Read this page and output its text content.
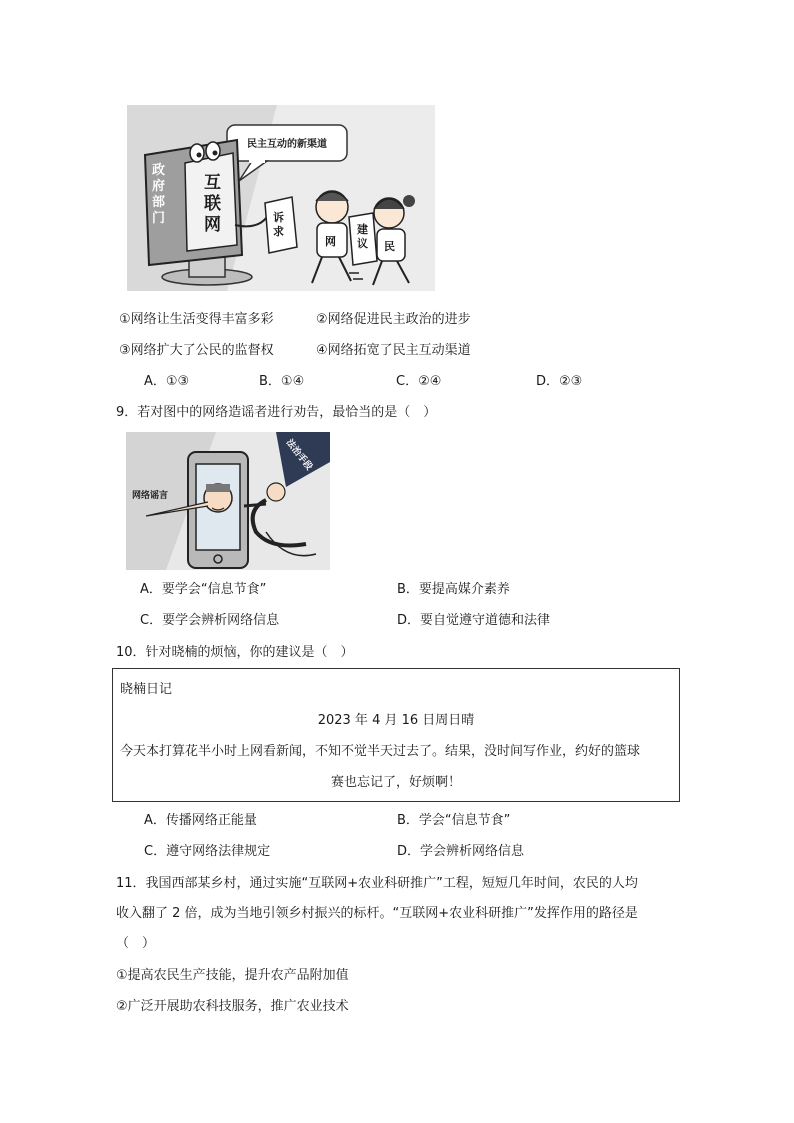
民主互动的新渠道
政府部门
互联网	诉求	建议
网	民
①网络让生活变得丰富多彩	②网络促进民主政治的进步
③网络扩大了公民的监督权	④网络拓宽了民主互动渠道
A．①③	B．①④	C．②④	D．②③
9．若对图中的网络造谣者进行劝告，最恰当的是（　）
网络谣言
法治手段
A．要学会“信息节食”	B．要提高媒介素养
C．要学会辨析网络信息	D．要自觉遵守道德和法律
10．针对晓楠的烦恼，你的建议是（　）
晓楠日记
2023 年 4 月 16 日周日晴
今天本打算花半小时上网看新闻，不知不觉半天过去了。结果，没时间写作业，约好的篮球
赛也忘记了，好烦啊！
A．传播网络正能量	B．学会“信息节食”
C．遵守网络法律规定	D．学会辨析网络信息
11．我国西部某乡村，通过实施“互联网+农业科研推广”工程，短短几年时间，农民的人均
收入翻了 2 倍，成为当地引领乡村振兴的标杆。“互联网+农业科研推广”发挥作用的路径是
（　）
①提高农民生产技能，提升农产品附加值
②广泛开展助农科技服务，推广农业技术
